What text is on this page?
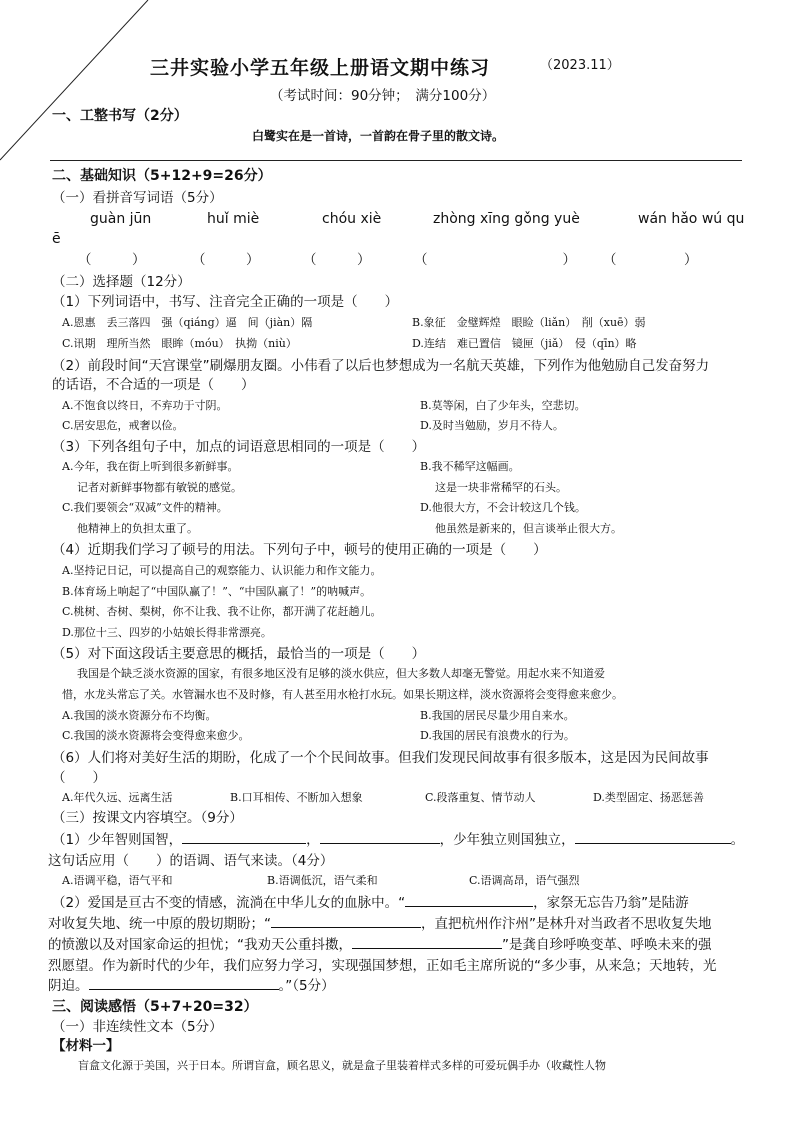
三井实验小学五年级上册语文期中练习	（2023.11）
（考试时间：90分钟；　满分100分）
一、工整书写（2分）
白鹭实在是一首诗，一首韵在骨子里的散文诗。
二、基础知识（5+12+9=26分）
（一）看拼音写词语（5分）
guàn jūn	huǐ miè	chóu xiè	zhòng xīng gǒng yuè	wán hǎo wú qu
ē
（　　　）	（　　　）	（　　　）	（　　　　　　　　　　） （　　　　　）
（二）选择题（12分）
（1）下列词语中，书写、注音完全正确的一项是（　　）
A.恩惠　丢三落四　强（qiáng）逼　间（jiàn）隔	B.象征　金璧辉煌　眼睑（liǎn）　削（xuē）弱
C.讯期　理所当然　眼眸（móu）　执拗（niù）	D.连结　难已置信　镜匣（jiǎ）　侵（qīn）略
（2）前段时间“天宫课堂”刷爆朋友圈。小伟看了以后也梦想成为一名航天英雄，下列作为他勉励自己发奋努力
的话语，不合适的一项是（　　）
A.不饱食以终日，不弃功于寸阴。	B.莫等闲，白了少年头，空悲切。
C.居安思危，戒奢以俭。	D.及时当勉励，岁月不待人。
（3）下列各组句子中，加点的词语意思相同的一项是（　　）
A.今年，我在街上听到很多新鲜事。	B.我不稀罕这幅画。
记者对新鲜事物都有敏锐的感觉。	这是一块非常稀罕的石头。
C.我们要领会“双减”文件的精神。	D.他很大方，不会计较这几个钱。
他精神上的负担太重了。	他虽然是新来的，但言谈举止很大方。
（4）近期我们学习了顿号的用法。下列句子中，顿号的使用正确的一项是（　　）
A.坚持记日记，可以提高自己的观察能力、认识能力和作文能力。
B.体育场上响起了“中国队赢了！”、“中国队赢了！”的呐喊声。
C.桃树、杏树、梨树，你不让我、我不让你，都开满了花赶趟儿。
D.那位十三、四岁的小姑娘长得非常漂亮。
（5）对下面这段话主要意思的概括，最恰当的一项是（　　）
我国是个缺乏淡水资源的国家，有很多地区没有足够的淡水供应，但大多数人却毫无警觉。用起水来不知道爱
惜，水龙头常忘了关。水管漏水也不及时修，有人甚至用水枪打水玩。如果长期这样，淡水资源将会变得愈来愈少。
A.我国的淡水资源分布不均衡。	B.我国的居民尽量少用自来水。
C.我国的淡水资源将会变得愈来愈少。	D.我国的居民有浪费水的行为。
（6）人们将对美好生活的期盼，化成了一个个民间故事。但我们发现民间故事有很多版本，这是因为民间故事
（　　）
A.年代久远、远离生活	B.口耳相传、不断加入想象	C.段落重复、情节动人	D.类型固定、扬恶惩善
（三）按课文内容填空。（9分）
（1）少年智则国智，	，	，少年独立则国独立，	。
这句话应用（　　）的语调、语气来读。（4分）
A.语调平稳，语气平和	B.语调低沉，语气柔和	C.语调高昂，语气强烈
（2）爱国是亘古不变的情感，流淌在中华儿女的血脉中。“	，家祭无忘告乃翁”是陆游
对收复失地、统一中原的殷切期盼；“	，直把杭州作汴州”是林升对当政者不思收复失地
的愤激以及对国家命运的担忧；“我劝天公重抖擞，	”是龚自珍呼唤变革、呼唤未来的强
烈愿望。作为新时代的少年，我们应努力学习，实现强国梦想，正如毛主席所说的“多少事，从来急；天地转，光
阴迫。	。”（5分）
三、阅读感悟（5+7+20=32）
（一）非连续性文本（5分）
【材料一】
盲盒文化源于美国，兴于日本。所谓盲盒，顾名思义，就是盒子里装着样式多样的可爱玩偶手办（收藏性人物
